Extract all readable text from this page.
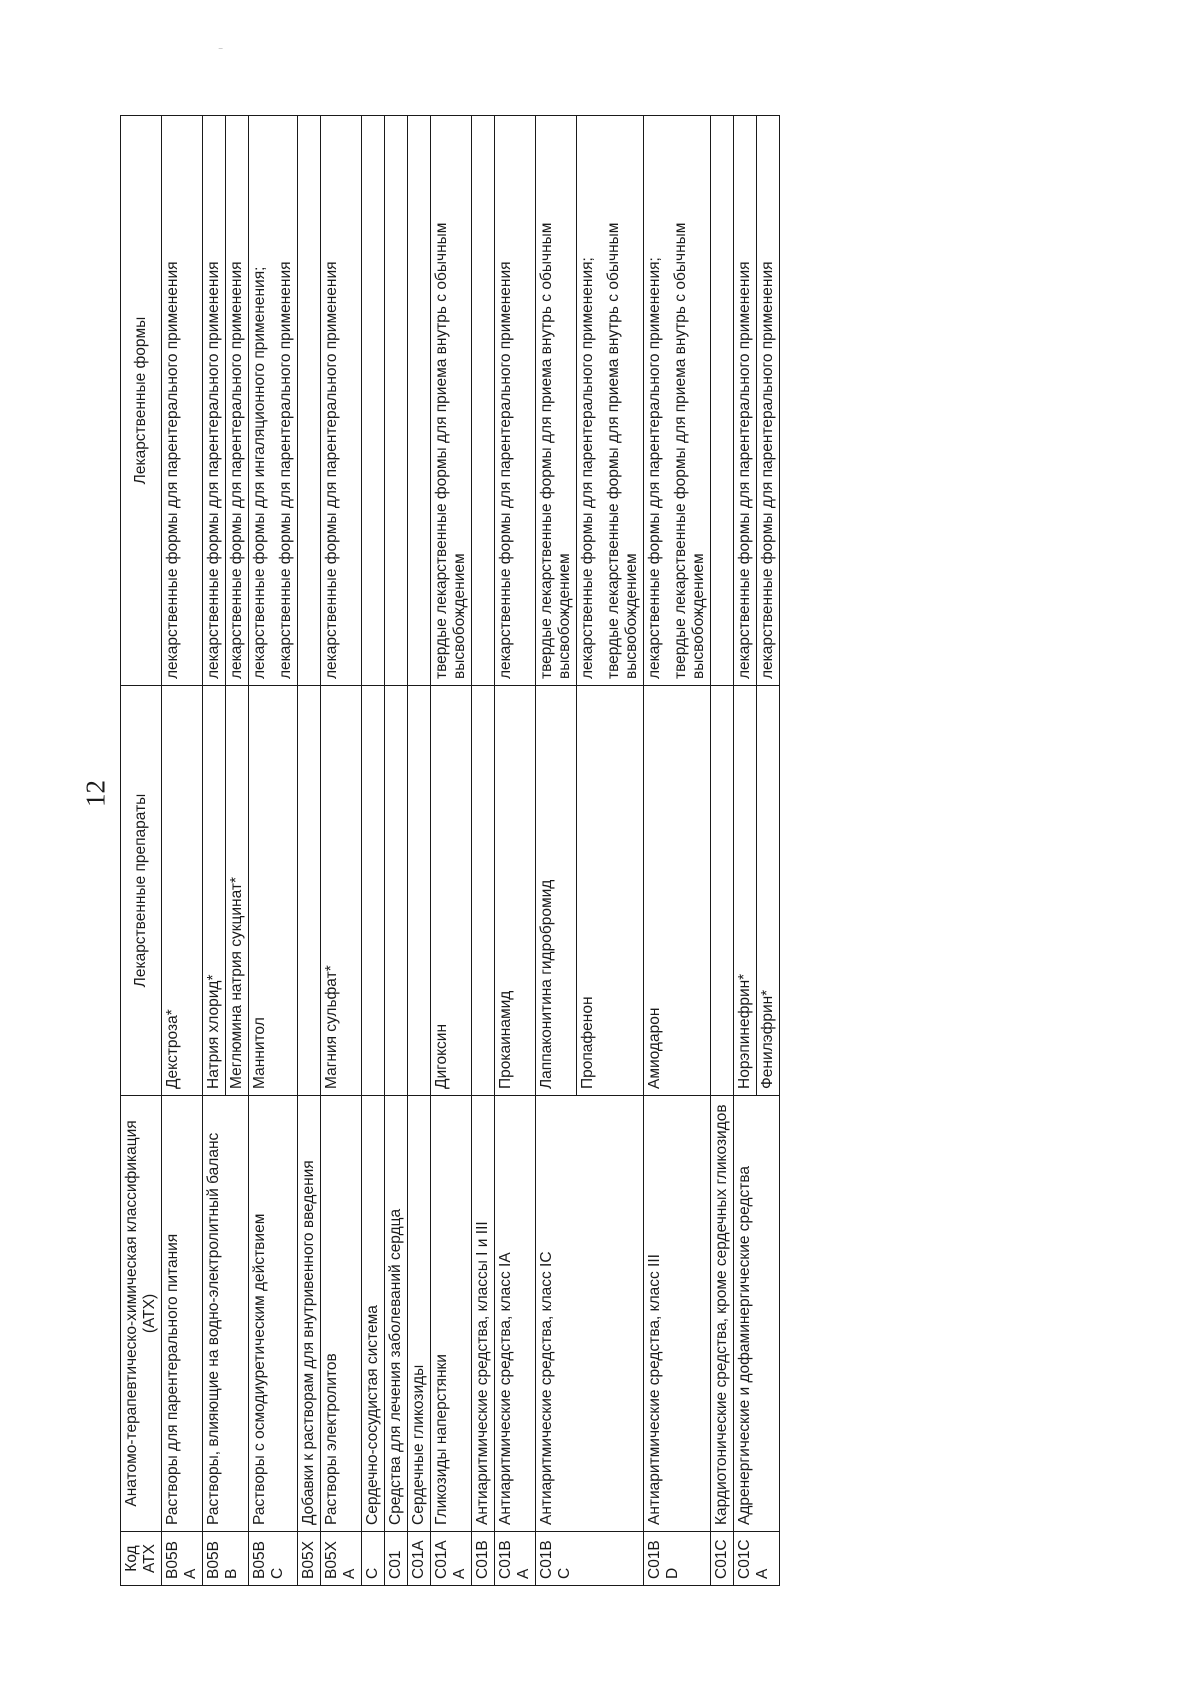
⁻
12
Код АТХ	Анатомо-терапевтическо-химическая классификация (АТХ)	Лекарственные препараты	Лекарственные формы
B05BA	Растворы для парентерального питания	Декстроза*	лекарственные формы для парентерального применения

B05BB	Растворы, влияющие на водно-электролитный баланс	Натрия хлорид*	лекарственные формы для парентерального применения

		Меглюмина натрия сукцинат*	лекарственные формы для парентерального применения

B05BC	Растворы с осмодиуретическим действием	Маннитол	лекарственные формы для ингаляционного применения; лекарственные формы для парентерального применения

B05X	Добавки к растворам для внутривенного введения		
B05XA	Растворы электролитов	Магния сульфат*	лекарственные формы для парентерального применения

C	Сердечно-сосудистая система		
C01	Средства для лечения заболеваний сердца		
C01A	Сердечные гликозиды		
C01AA	Гликозиды наперстянки	Дигоксин	твердые лекарственные формы для приема внутрь с обычным высвобождением

C01B	Антиаритмические средства, классы I и III		
C01BA	Антиаритмические средства, класс IA	Прокаинамид	лекарственные формы для парентерального применения

C01BC	Антиаритмические средства, класс IC	Лаппаконитина гидробромид	твердые лекарственные формы для приема внутрь с обычным высвобождением

		Пропафенон	лекарственные формы для парентерального применения; твердые лекарственные формы для приема внутрь с обычным высвобождением

C01BD	Антиаритмические средства, класс III	Амиодарон	лекарственные формы для парентерального применения; твердые лекарственные формы для приема внутрь с обычным высвобождением

C01C	Кардиотонические средства, кроме сердечных гликозидов		
C01CA	Адренергические и дофаминергические средства	Норэпинефрин*	лекарственные формы для парентерального применения

		Фенилэфрин*	лекарственные формы для парентерального применения
